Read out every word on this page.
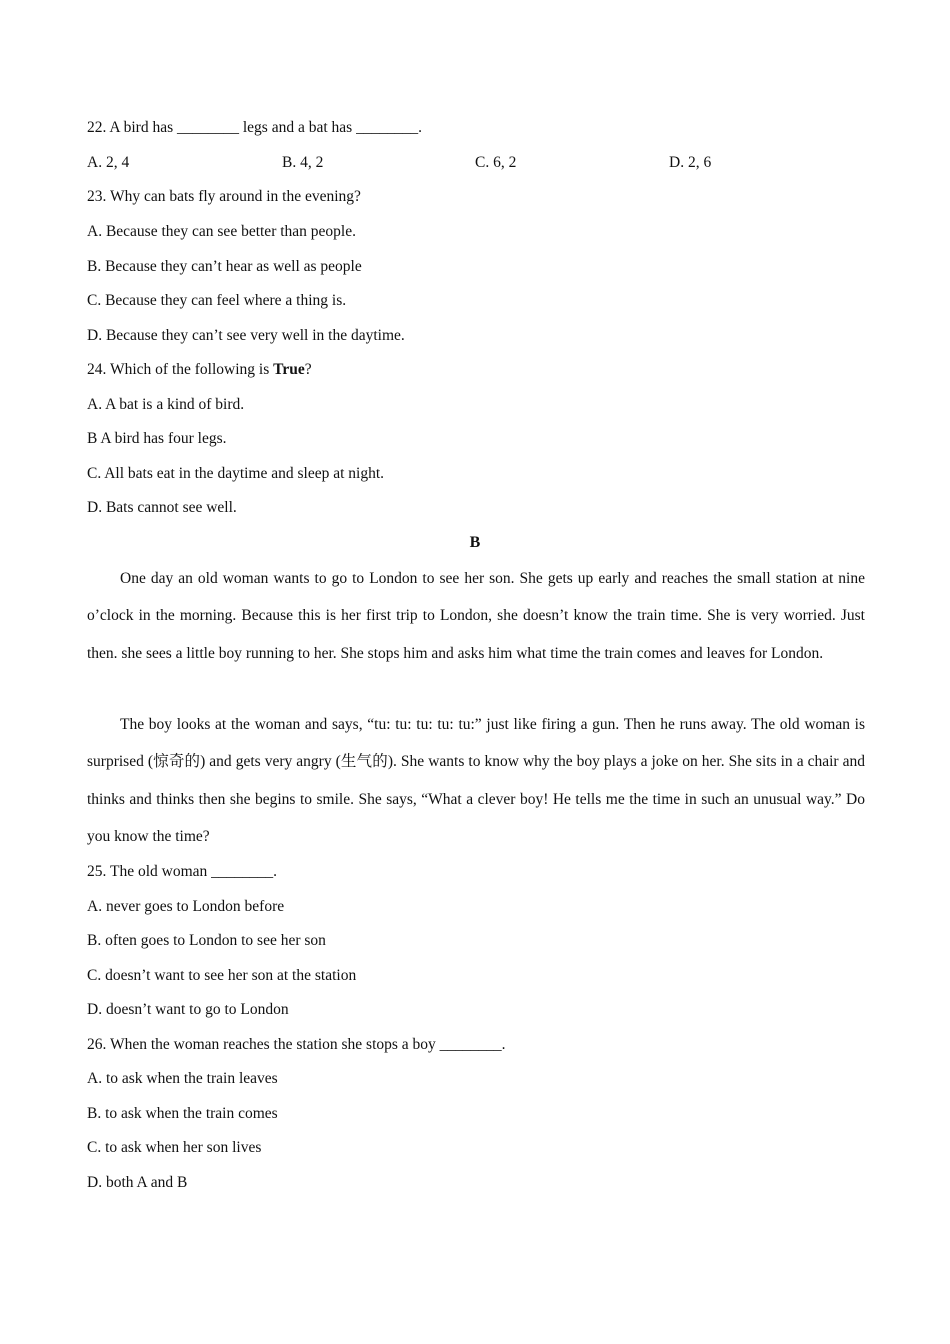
22. A bird has ________ legs and a bat has ________.
A. 2, 4	B. 4, 2	C. 6, 2	D. 2, 6
23. Why can bats fly around in the evening?
A. Because they can see better than people.
B. Because they can’t hear as well as people
C. Because they can feel where a thing is.
D. Because they can’t see very well in the daytime.
24. Which of the following is True?
A. A bat is a kind of bird.
B A bird has four legs.
C. All bats eat in the daytime and sleep at night.
D. Bats cannot see well.
B
One day an old woman wants to go to London to see her son. She gets up early and reaches the small station at nine o’clock in the morning. Because this is her first trip to London, she doesn’t know the train time. She is very worried. Just then. she sees a little boy running to her. She stops him and asks him what time the train comes and leaves for London.
The boy looks at the woman and says, “tu: tu: tu: tu: tu:” just like firing a gun. Then he runs away. The old woman is surprised (惊奇的) and gets very angry (生气的). She wants to know why the boy plays a joke on her. She sits in a chair and thinks and thinks then she begins to smile. She says, “What a clever boy! He tells me the time in such an unusual way.” Do you know the time?
25. The old woman ________.
A. never goes to London before
B. often goes to London to see her son
C. doesn’t want to see her son at the station
D. doesn’t want to go to London
26. When the woman reaches the station she stops a boy ________.
A. to ask when the train leaves
B. to ask when the train comes
C. to ask when her son lives
D. both A and B
